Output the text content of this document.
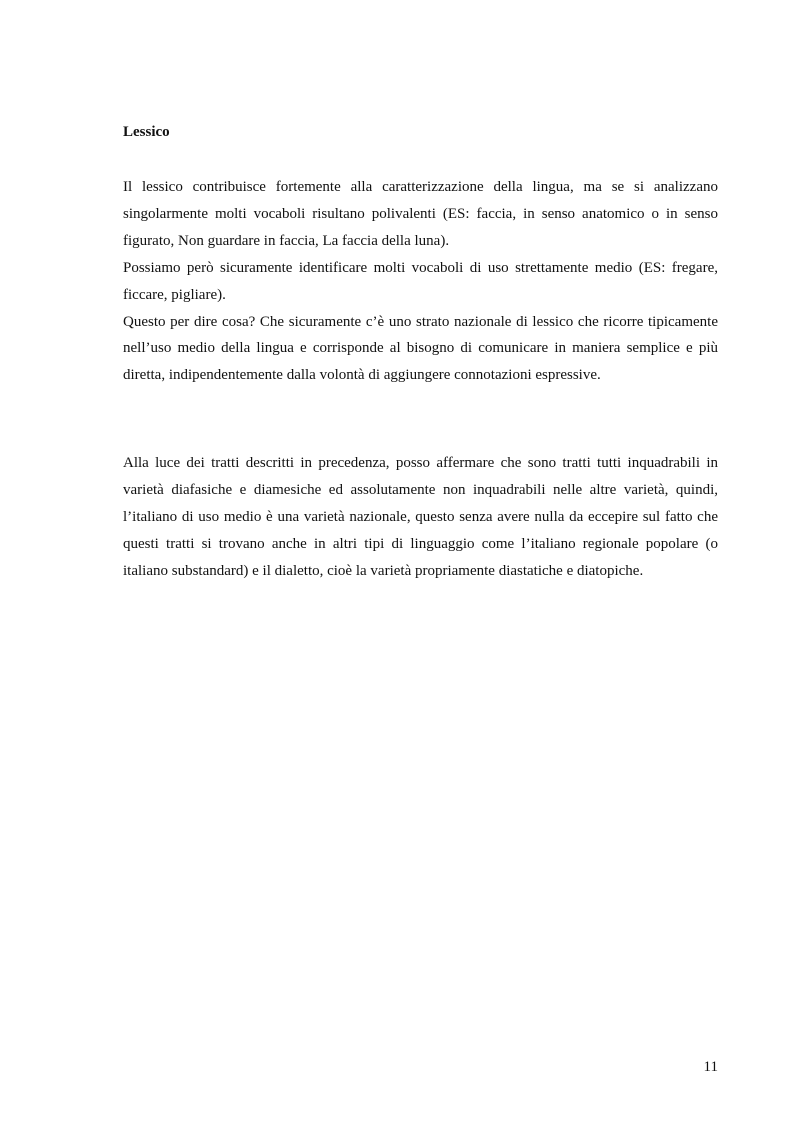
Lessico

Il lessico contribuisce fortemente alla caratterizzazione della lingua, ma se si analizzano singolarmente molti vocaboli risultano polivalenti (ES: faccia, in senso anatomico o in senso figurato, Non guardare in faccia, La faccia della luna).

Possiamo però sicuramente identificare molti vocaboli di uso strettamente medio (ES: fregare, ficcare, pigliare).

Questo per dire cosa? Che sicuramente c’è uno strato nazionale di lessico che ricorre tipicamente nell’uso medio della lingua e corrisponde al bisogno di comunicare in maniera semplice e più diretta, indipendentemente dalla volontà di aggiungere connotazioni espressive.

Alla luce dei tratti descritti in precedenza, posso affermare che sono tratti tutti inquadrabili in varietà diafasiche e diamesiche ed assolutamente non inquadrabili nelle altre varietà, quindi, l’italiano di uso medio è una varietà nazionale, questo senza avere nulla da eccepire sul fatto che questi tratti si trovano anche in altri tipi di linguaggio come l’italiano regionale popolare (o italiano substandard) e il dialetto, cioè la varietà propriamente diastatiche e diatopiche.

11
